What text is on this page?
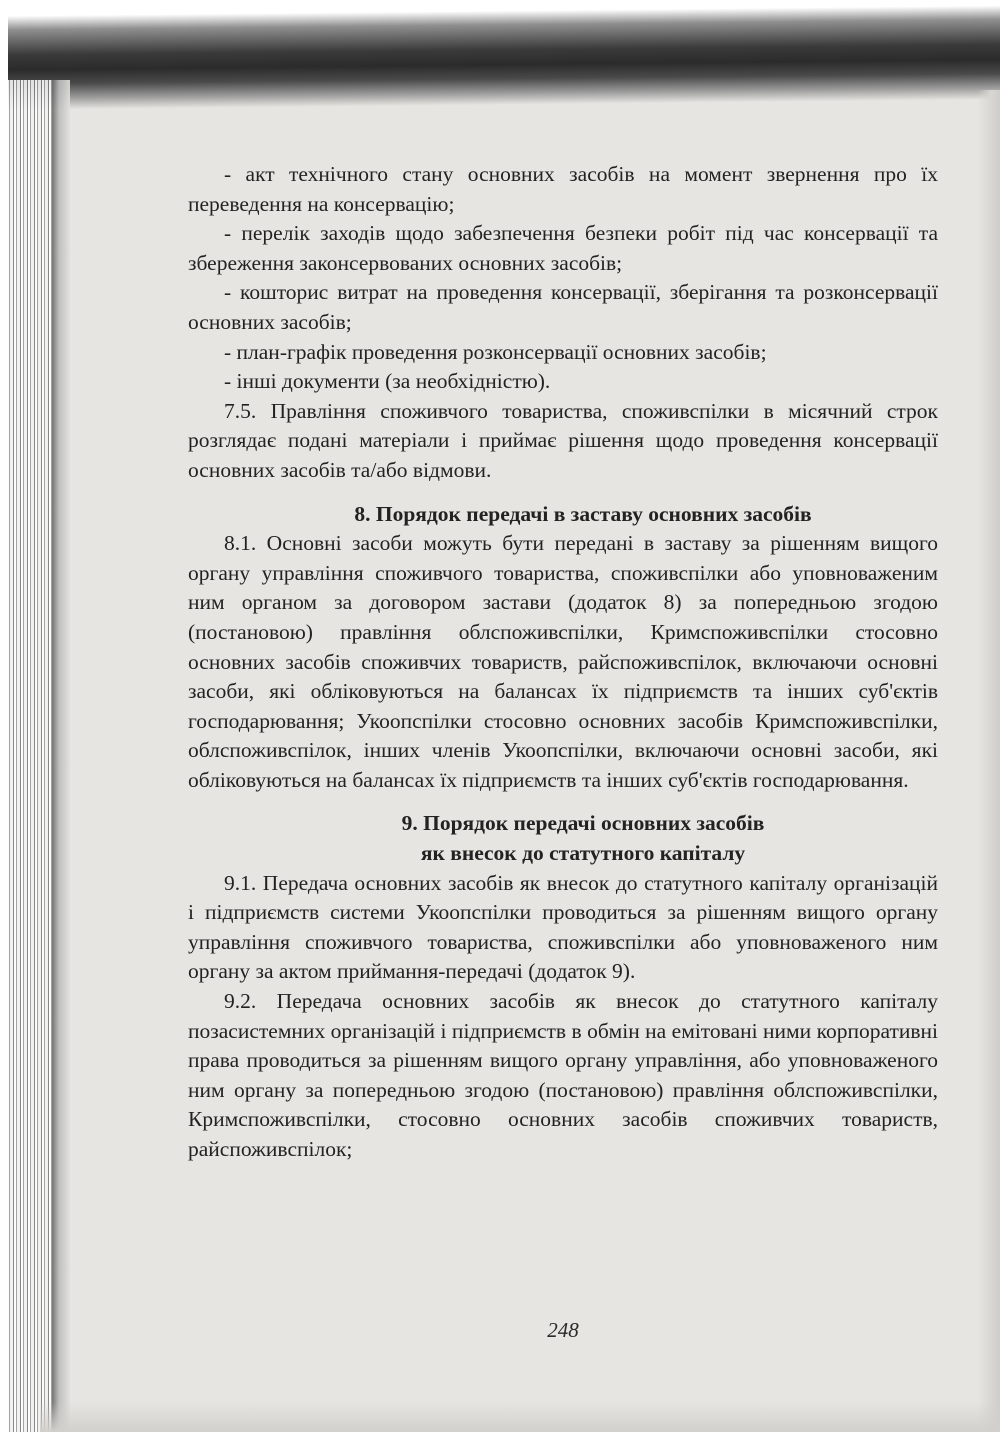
- акт технічного стану основних засобів на момент звернення про їх переведення на консервацію;

- перелік заходів щодо забезпечення безпеки робіт під час консервації та збереження законсервованих основних засобів;

- кошторис витрат на проведення консервації, зберігання та розконсервації основних засобів;

- план-графік проведення розконсервації основних засобів;

- інші документи (за необхідністю).

7.5. Правління споживчого товариства, споживспілки в місячний строк розглядає подані матеріали і приймає рішення щодо проведення консервації основних засобів та/або відмови.

8. Порядок передачі в заставу основних засобів

8.1. Основні засоби можуть бути передані в заставу за рішенням вищого органу управління споживчого товариства, споживспілки або уповноваженим ним органом за договором застави (додаток 8) за попередньою згодою (постановою) правління облспоживспілки, Кримспоживспілки стосовно основних засобів споживчих товариств, райспоживспілок, включаючи основні засоби, які обліковуються на балансах їх підприємств та інших суб'єктів господарювання; Укоопспілки стосовно основних засобів Кримспоживспілки, облспоживспілок, інших членів Укоопспілки, включаючи основні засоби, які обліковуються на балансах їх підприємств та інших суб'єктів господарювання.

9. Порядок передачі основних засобів
як внесок до статутного капіталу

9.1. Передача основних засобів як внесок до статутного капіталу організацій і підприємств системи Укоопспілки проводиться за рішенням вищого органу управління споживчого товариства, споживспілки або уповноваженого ним органу за актом приймання-передачі (додаток 9).

9.2. Передача основних засобів як внесок до статутного капіталу позасистемних організацій і підприємств в обмін на емітовані ними корпоративні права проводиться за рішенням вищого органу управління, або уповноваженого ним органу за попередньою згодою (постановою) правління облспоживспілки, Кримспоживспілки, стосовно основних засобів споживчих товариств, райспоживспілок;

248
